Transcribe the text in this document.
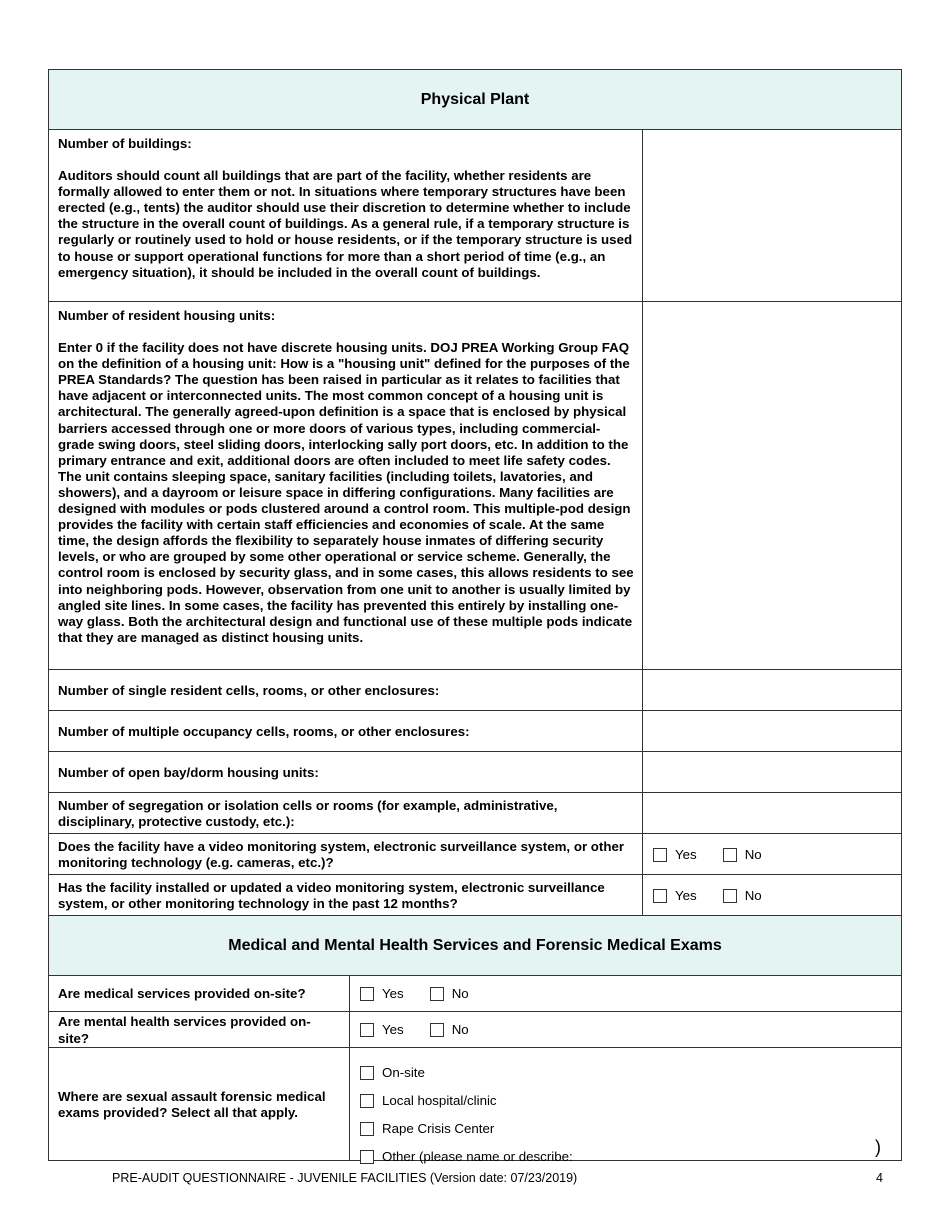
Physical Plant

Number of buildings:

Auditors should count all buildings that are part of the facility, whether residents are formally allowed to enter them or not. In situations where temporary structures have been erected (e.g., tents) the auditor should use their discretion to determine whether to include the structure in the overall count of buildings. As a general rule, if a temporary structure is regularly or routinely used to hold or house residents, or if the temporary structure is used to house or support operational functions for more than a short period of time (e.g., an emergency situation), it should be included in the overall count of buildings.

Number of resident housing units:

Enter 0 if the facility does not have discrete housing units. DOJ PREA Working Group FAQ on the definition of a housing unit: How is a "housing unit" defined for the purposes of the PREA Standards? The question has been raised in particular as it relates to facilities that have adjacent or interconnected units. The most common concept of a housing unit is architectural. The generally agreed-upon definition is a space that is enclosed by physical barriers accessed through one or more doors of various types, including commercial-grade swing doors, steel sliding doors, interlocking sally port doors, etc. In addition to the primary entrance and exit, additional doors are often included to meet life safety codes. The unit contains sleeping space, sanitary facilities (including toilets, lavatories, and showers), and a dayroom or leisure space in differing configurations. Many facilities are designed with modules or pods clustered around a control room. This multiple-pod design provides the facility with certain staff efficiencies and economies of scale. At the same time, the design affords the flexibility to separately house inmates of differing security levels, or who are grouped by some other operational or service scheme. Generally, the control room is enclosed by security glass, and in some cases, this allows residents to see into neighboring pods. However, observation from one unit to another is usually limited by angled site lines. In some cases, the facility has prevented this entirely by installing one-way glass. Both the architectural design and functional use of these multiple pods indicate that they are managed as distinct housing units.

Number of single resident cells, rooms, or other enclosures:
Number of multiple occupancy cells, rooms, or other enclosures:
Number of open bay/dorm housing units:
Number of segregation or isolation cells or rooms (for example, administrative, disciplinary, protective custody, etc.):
Does the facility have a video monitoring system, electronic surveillance system, or other monitoring technology (e.g. cameras, etc.)?
Yes	No
Has the facility installed or updated a video monitoring system, electronic surveillance system, or other monitoring technology in the past 12 months?
Yes	No
Medical and Mental Health Services and Forensic Medical Exams
Are medical services provided on-site?	Yes	No
Are mental health services provided on-site?
Yes	No
Where are sexual assault forensic medical exams provided? Select all that apply.
On-site
Local hospital/clinic
Rape Crisis Center
Other (please name or describe:	)
PRE-AUDIT QUESTIONNAIRE - JUVENILE FACILITIES (Version date: 07/23/2019)	4
